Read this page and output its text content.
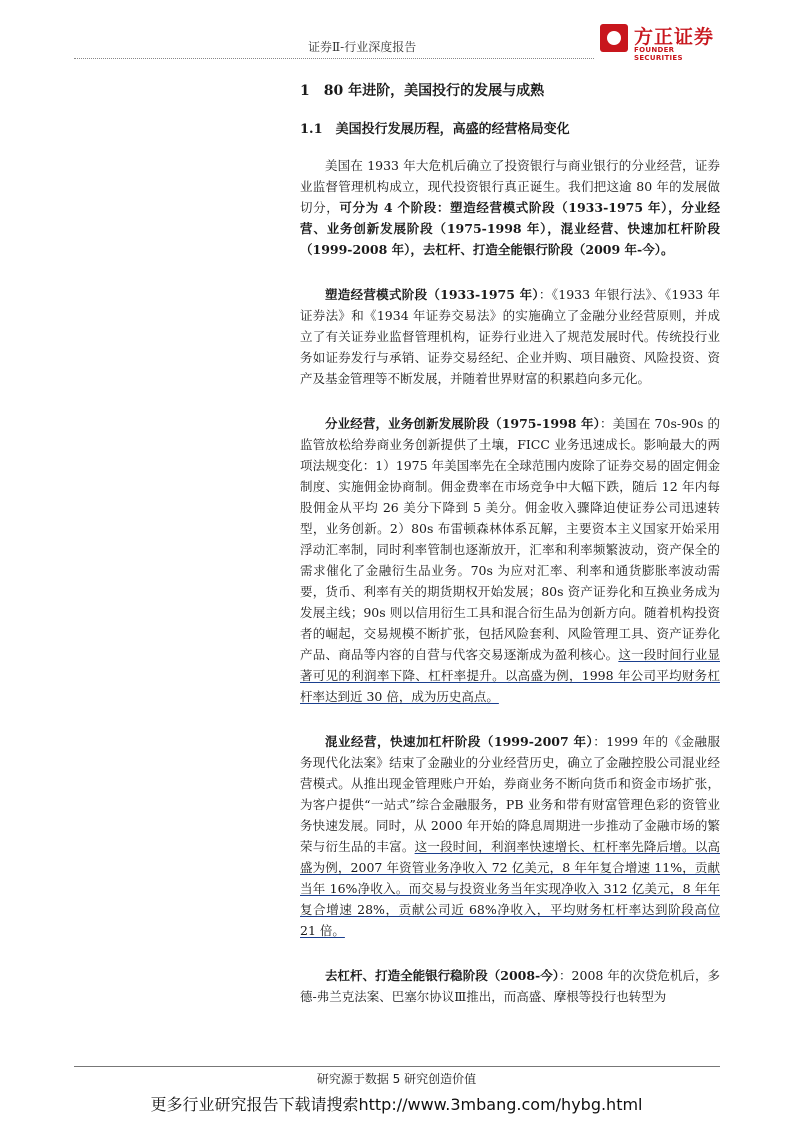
证券Ⅱ-行业深度报告	方正证券
FOUNDER SECURITIES
1　80 年进阶，美国投行的发展与成熟
1.1　美国投行发展历程，高盛的经营格局变化

美国在 1933 年大危机后确立了投资银行与商业银行的分业经营，证券业监督管理机构成立，现代投资银行真正诞生。我们把这逾 80 年的发展做切分，可分为 4 个阶段：塑造经营模式阶段（1933-1975 年），分业经营、业务创新发展阶段（1975-1998 年），混业经营、快速加杠杆阶段（1999-2008 年），去杠杆、打造全能银行阶段（2009 年-今）。

塑造经营模式阶段（1933-1975 年）：《1933 年银行法》、《1933 年证券法》和《1934 年证券交易法》的实施确立了金融分业经营原则，并成立了有关证券业监督管理机构，证券行业进入了规范发展时代。传统投行业务如证券发行与承销、证券交易经纪、企业并购、项目融资、风险投资、资产及基金管理等不断发展，并随着世界财富的积累趋向多元化。

分业经营，业务创新发展阶段（1975-1998 年）：美国在 70s-90s 的监管放松给券商业务创新提供了土壤，FICC 业务迅速成长。影响最大的两项法规变化：1）1975 年美国率先在全球范围内废除了证券交易的固定佣金制度、实施佣金协商制。佣金费率在市场竞争中大幅下跌，随后 12 年内每股佣金从平均 26 美分下降到 5 美分。佣金收入骤降迫使证券公司迅速转型，业务创新。2）80s 布雷顿森林体系瓦解，主要资本主义国家开始采用浮动汇率制，同时利率管制也逐渐放开，汇率和利率频繁波动，资产保全的需求催化了金融衍生品业务。70s 为应对汇率、利率和通货膨胀率波动需要，货币、利率有关的期货期权开始发展；80s 资产证券化和互换业务成为发展主线；90s 则以信用衍生工具和混合衍生品为创新方向。随着机构投资者的崛起，交易规模不断扩张，包括风险套利、风险管理工具、资产证券化产品、商品等内容的自营与代客交易逐渐成为盈利核心。这一段时间行业显著可见的利润率下降、杠杆率提升。以高盛为例，1998 年公司平均财务杠杆率达到近 30 倍，成为历史高点。

混业经营，快速加杠杆阶段（1999-2007 年）：1999 年的《金融服务现代化法案》结束了金融业的分业经营历史，确立了金融控股公司混业经营模式。从推出现金管理账户开始，券商业务不断向货币和资金市场扩张，为客户提供“一站式”综合金融服务，PB 业务和带有财富管理色彩的资管业务快速发展。同时，从 2000 年开始的降息周期进一步推动了金融市场的繁荣与衍生品的丰富。这一段时间，利润率快速增长、杠杆率先降后增。以高盛为例，2007 年资管业务净收入 72 亿美元，8 年年复合增速 11%，贡献当年 16%净收入。而交易与投资业务当年实现净收入 312 亿美元，8 年年复合增速 28%，贡献公司近 68%净收入，平均财务杠杆率达到阶段高位 21 倍。

去杠杆、打造全能银行稳阶段（2008-今）：2008 年的次贷危机后，多德-弗兰克法案、巴塞尔协议Ⅲ推出，而高盛、摩根等投行也转型为

研究源于数据 5 研究创造价值
更多行业研究报告下载请搜索http://www.3mbang.com/hybg.html
